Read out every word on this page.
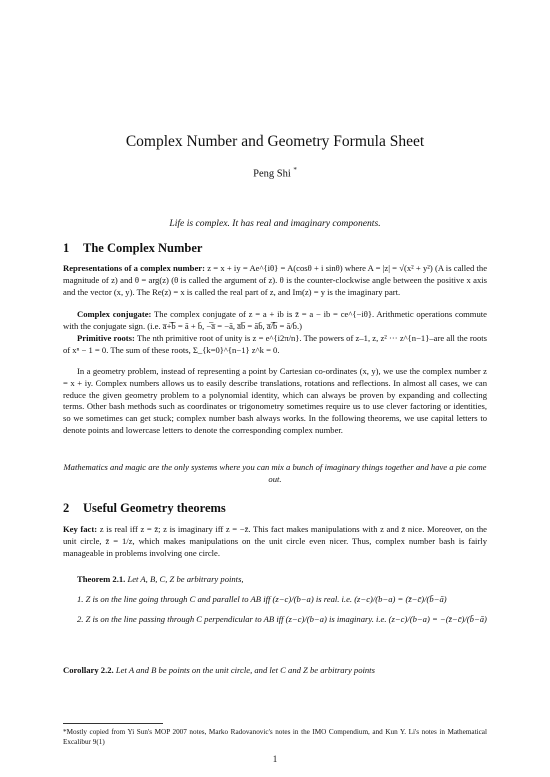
Complex Number and Geometry Formula Sheet
Peng Shi *
Life is complex. It has real and imaginary components.
1 The Complex Number
Representations of a complex number: z = x + iy = Ae^{iθ} = A(cosθ + i sinθ) where A = |z| = √(x² + y²) (A is called the magnitude of z) and θ = arg(z) (θ is called the argument of z). θ is the counter-clockwise angle between the positive x axis and the vector (x, y). The Re(z) = x is called the real part of z, and Im(z) = y is the imaginary part.
Complex conjugate: The complex conjugate of z = a + ib is z̄ = a − ib = ce^{−iθ}. Arithmetic operations commute with the conjugate sign. (i.e. a̅+̅b̅ = ā + b̄, −̅a̅ = −ā, a̅b̅ = āb̄, a̅/̅b̅ = ā/b̄.)
Primitive roots: The nth primitive root of unity is z = e^{i2π/n}. The powers of z–1, z, z² ··· z^{n−1}–are all the roots of xⁿ − 1 = 0. The sum of these roots, Σ_{k=0}^{n−1} z^k = 0.
In a geometry problem, instead of representing a point by Cartesian co-ordinates (x, y), we use the complex number z = x + iy. Complex numbers allows us to easily describe translations, rotations and reflections. In almost all cases, we can reduce the given geometry problem to a polynomial identity, which can always be proven by expanding and collecting terms. Other bash methods such as coordinates or trigonometry sometimes require us to use clever factoring or identities, so we sometimes can get stuck; complex number bash always works. In the following theorems, we use capital letters to denote points and lowercase letters to denote the corresponding complex number.
Mathematics and magic are the only systems where you can mix a bunch of imaginary things together and have a pie come out.
2 Useful Geometry theorems
Key fact: z is real iff z = z̄; z is imaginary iff z = −z̄. This fact makes manipulations with z and z̄ nice. Moreover, on the unit circle, z̄ = 1/z, which makes manipulations on the unit circle even nicer. Thus, complex number bash is fairly manageable in problems involving one circle.
Theorem 2.1. Let A, B, C, Z be arbitrary points,
1. Z is on the line going through C and parallel to AB iff (z−c)/(b−a) is real. i.e. (z−c)/(b−a) = (z̄−c̄)/(b̄−ā)
2. Z is on the line passing through C perpendicular to AB iff (z−c)/(b−a) is imaginary. i.e. (z−c)/(b−a) = −(z̄−c̄)/(b̄−ā)
Corollary 2.2. Let A and B be points on the unit circle, and let C and Z be arbitrary points
*Mostly copied from Yi Sun's MOP 2007 notes, Marko Radovanovic's notes in the IMO Compendium, and Kun Y. Li's notes in Mathematical Excalibur 9(1)
1
